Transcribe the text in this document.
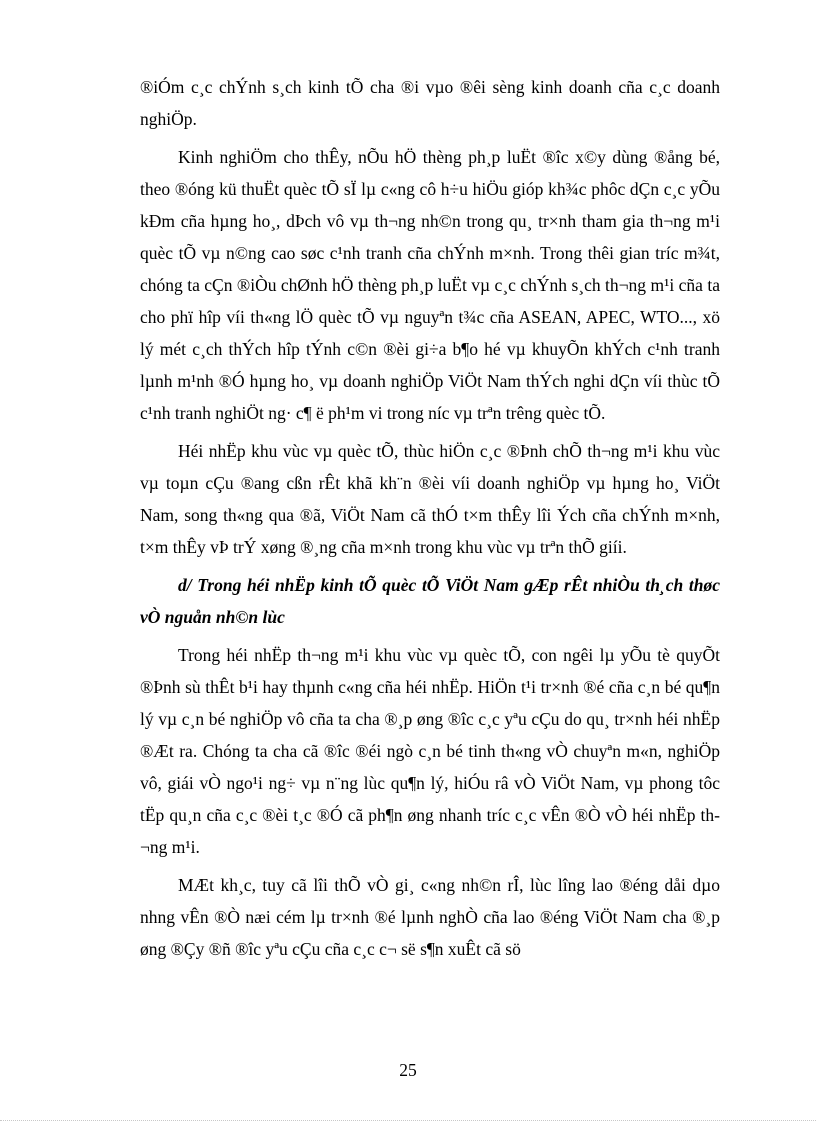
®iÓm c¸c chÝnh s¸ch kinh tÕ cha ®i vµo ®êi sèng kinh doanh cña c¸c doanh nghiÖp.

Kinh nghiÖm cho thÊy, nÕu hÖ thèng ph¸p luËt ®îc x©y dùng ®ång bé, theo ®óng kü thuËt quèc tÕ sÏ lµ c«ng cô h÷u hiÖu gióp kh¾c phôc dÇn c¸c yÕu kÐm cña hµng ho¸, dÞch vô vµ th¬ng nh©n trong qu¸ tr×nh tham gia th¬ng m¹i quèc tÕ vµ n©ng cao søc c¹nh tranh cña chÝnh m×nh. Trong thêi gian tríc m¾t, chóng ta cÇn ®iÒu chØnh hÖ thèng ph¸p luËt vµ c¸c chÝnh s¸ch th¬ng m¹i cña ta cho phï hîp víi th«ng lÖ quèc tÕ vµ nguyªn t¾c cña ASEAN, APEC, WTO..., xö lý mét c¸ch thÝch hîp tÝnh c©n ®èi gi÷a b¶o hé vµ khuyÕn khÝch c¹nh tranh lµnh m¹nh ®Ó hµng ho¸ vµ doanh nghiÖp ViÖt Nam thÝch nghi dÇn víi thùc tÕ c¹nh tranh nghiÖt ng· c¶ ë ph¹m vi trong níc vµ trªn trêng quèc tÕ.

Héi nhËp khu vùc vµ quèc tÕ, thùc hiÖn c¸c ®Þnh chÕ th¬ng m¹i khu vùc vµ toµn cÇu ®ang cßn rÊt khã kh¨n ®èi víi doanh nghiÖp vµ hµng ho¸ ViÖt Nam, song th«ng qua ®ã, ViÖt Nam cã thÓ t×m thÊy lîi Ých cña chÝnh m×nh, t×m thÊy vÞ trÝ xøng ®¸ng cña m×nh trong khu vùc vµ trªn thÕ giíi.

d/ Trong héi nhËp kinh tÕ quèc tÕ ViÖt Nam gÆp rÊt nhiÒu th¸ch thøc vÒ nguån nh©n lùc

Trong héi nhËp th¬ng m¹i khu vùc vµ quèc tÕ, con ngêi lµ yÕu tè quyÕt ®Þnh sù thÊt b¹i hay thµnh c«ng cña héi nhËp. HiÖn t¹i tr×nh ®é cña c¸n bé qu¶n lý vµ c¸n bé nghiÖp vô cña ta cha ®¸p øng ®îc c¸c yªu cÇu do qu¸ tr×nh héi nhËp ®Æt ra. Chóng ta cha cã ®îc ®éi ngò c¸n bé tinh th«ng vÒ chuyªn m«n, nghiÖp vô, giái vÒ ngo¹i ng÷ vµ n¨ng lùc qu¶n lý, hiÓu râ vÒ ViÖt Nam, vµ phong tôc tËp qu¸n cña c¸c ®èi t¸c ®Ó cã ph¶n øng nhanh tríc c¸c vÊn ®Ò vÒ héi nhËp th¬ng m¹i.

MÆt kh¸c, tuy cã lîi thÕ vÒ gi¸ c«ng nh©n rÎ, lùc lîng lao ®éng dåi dµo nhng vÊn ®Ò næi cém lµ tr×nh ®é lµnh nghÒ cña lao ®éng ViÖt Nam cha ®¸p øng ®Çy ®ñ ®îc yªu cÇu cña c¸c c¬ së s¶n xuÊt cã sö

25
